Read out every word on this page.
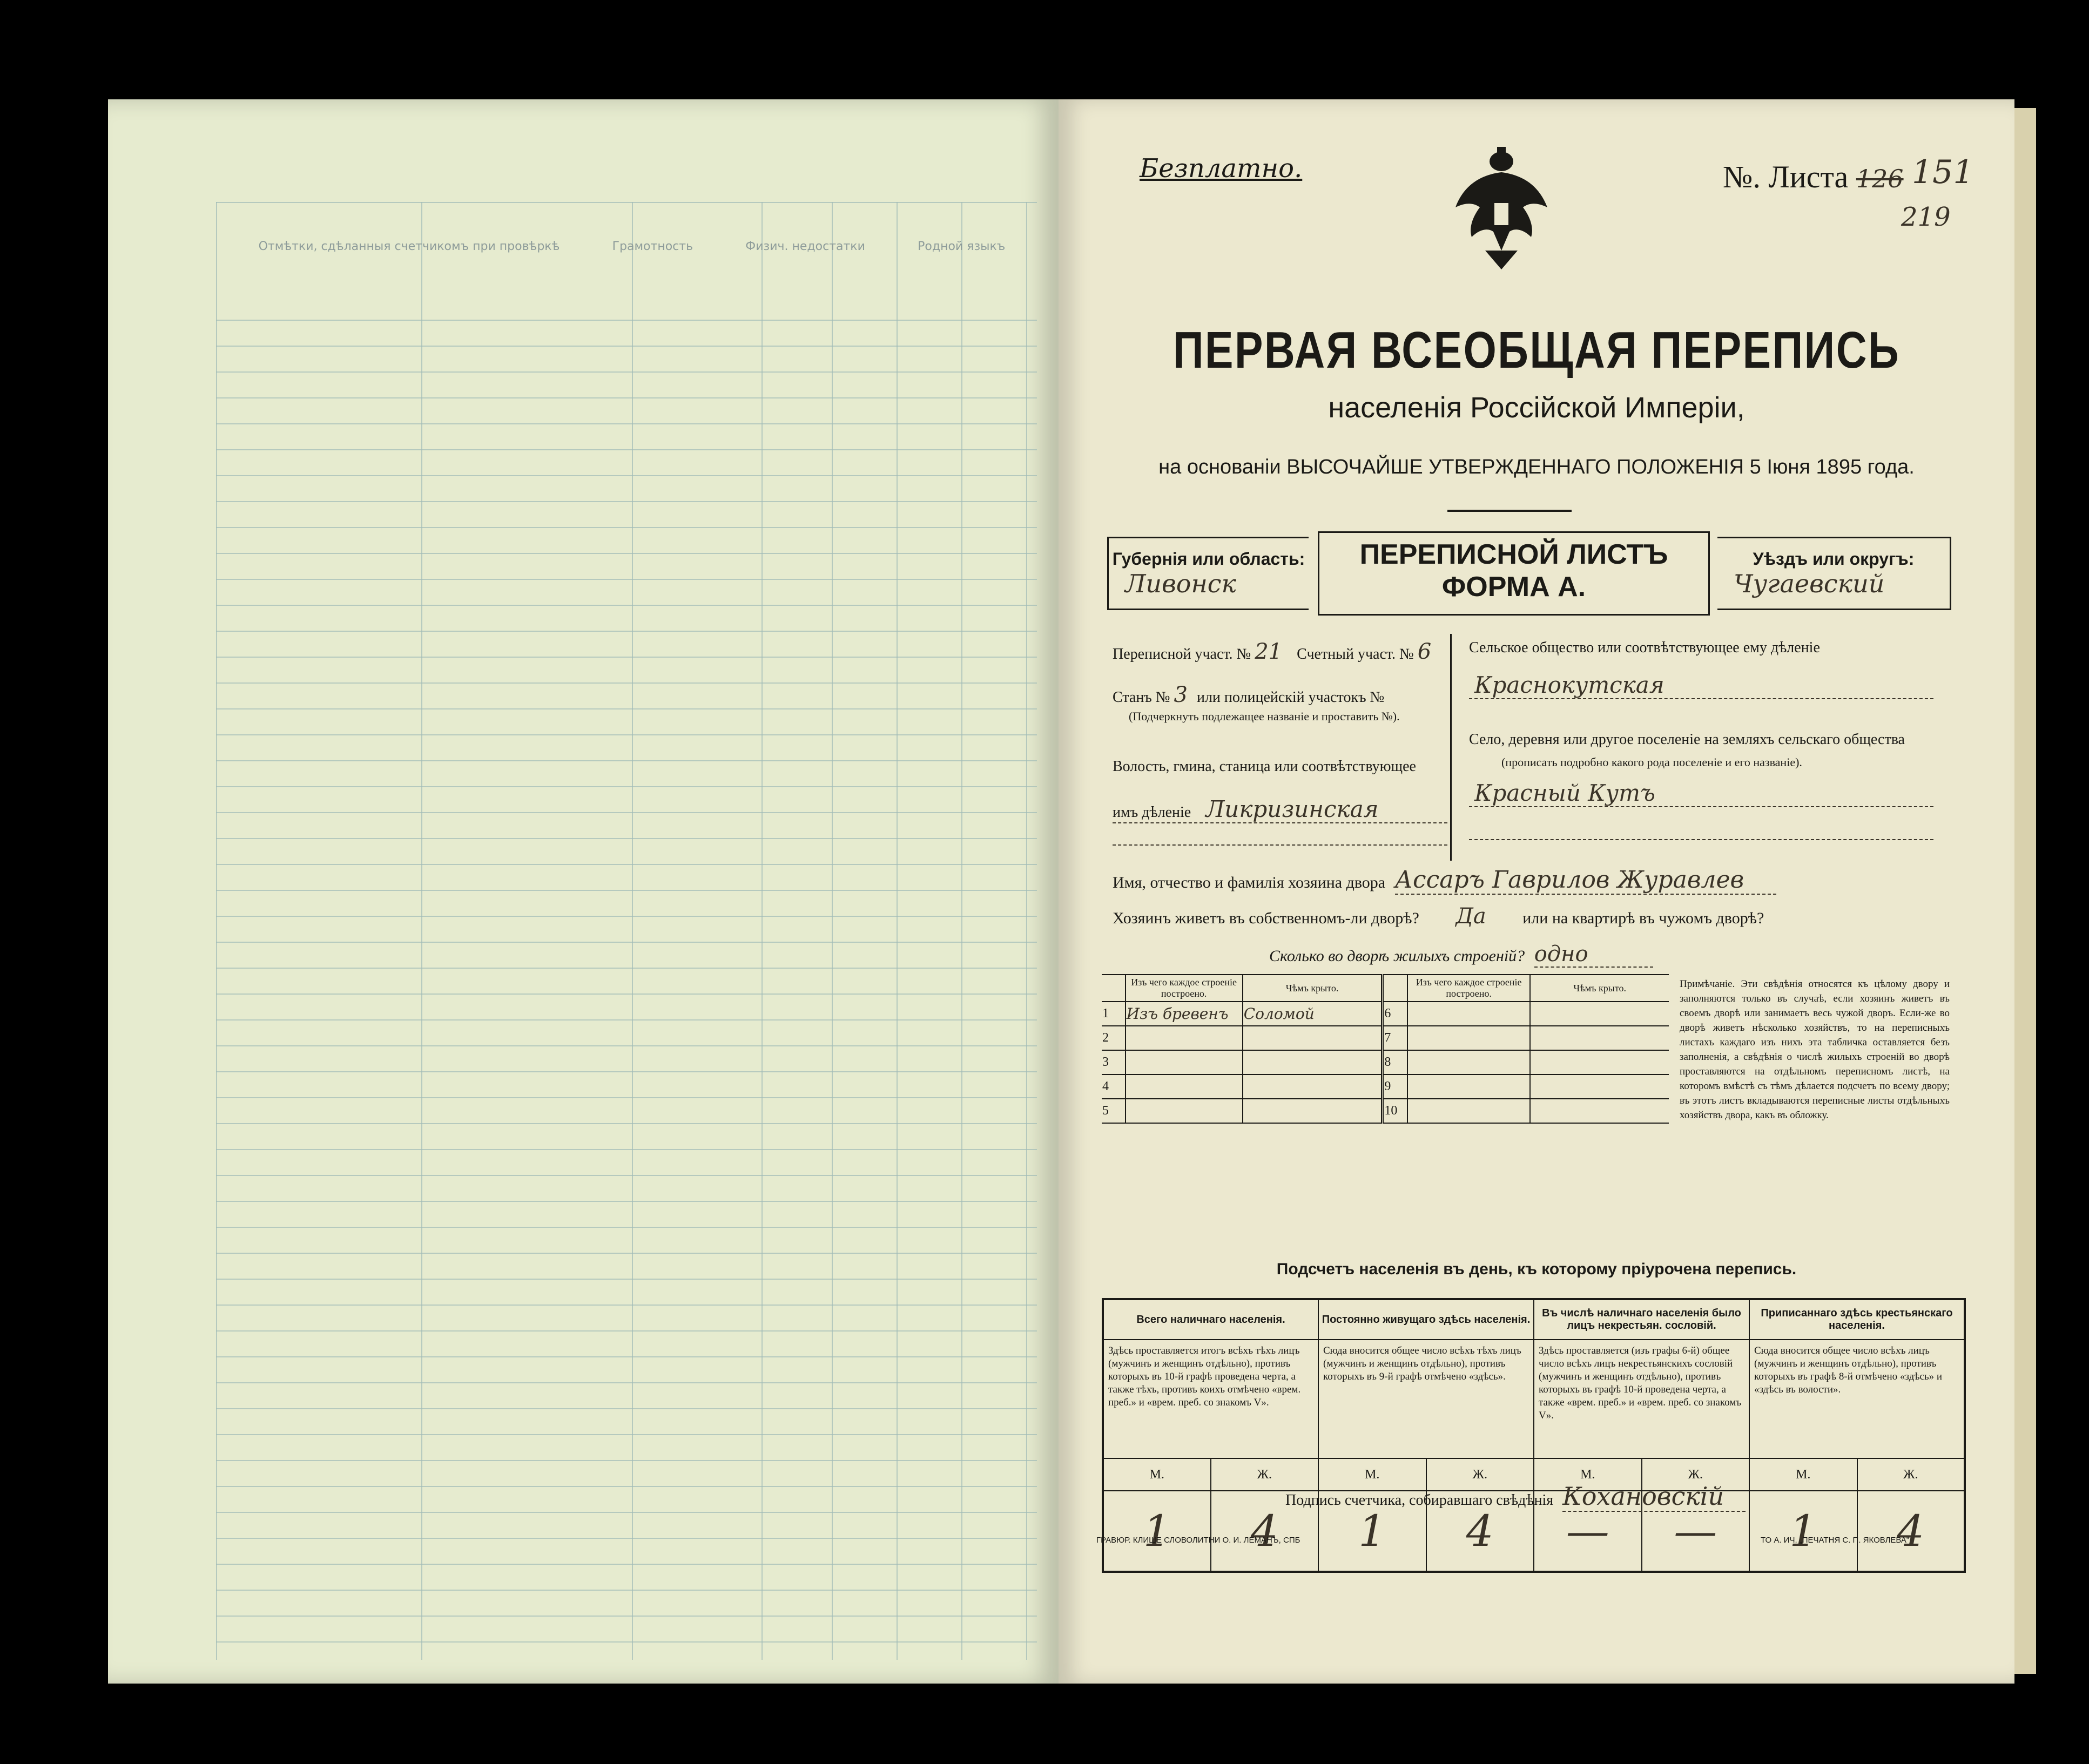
Отмѣтки, сдѣланныя счетчикомъ при провѣркѣ	Грамотность	Физич. недостатки	Родной языкъ
Безплатно.	№. Листа 126
219
151
ПЕРВАЯ ВСЕОБЩАЯ ПЕРЕПИСЬ
населенія Россійской Имперіи,
на основаніи ВЫСОЧАЙШЕ УТВЕРЖДЕННАГО ПОЛОЖЕНІЯ 5 Іюня 1895 года.
Губернія или область:
Ливонск
ПЕРЕПИСНОЙ ЛИСТЪ
ФОРМА А.
Уѣздъ или округъ:
Чугаевский
Переписной участ. № 21 Счетный участ. № 6
Станъ № 3 или полицейскій участокъ №
(Подчеркнуть подлежащее названіе и проставить №).
Волость, гмина, станица или соотвѣтствующее
имъ дѣленіе Ликризинская
Сельское общество или соотвѣтствующее ему дѣленіе
Краснокутская
Село, деревня или другое поселеніе на земляхъ сельскаго общества
(прописать подробно какого рода поселеніе и его названіе).
Красный Кутъ
Имя, отчество и фамилія хозяина двора Ассаръ Гаврилов Журавлев
Хозяинъ живетъ въ собственномъ-ли дворѣ? Да или на квартирѣ въ чужомъ дворѣ?
Сколько во дворѣ жилыхъ строеній? одно
	Изъ чего каждое строеніе построено.	Чѣмъ крыто.		Изъ чего каждое строеніе построено.	Чѣмъ крыто.
1	Изъ бревенъ	Соломой	6		
2			7		
3			8		
4			9		
5			10		
Примѣчаніе. Эти свѣдѣнія относятся къ цѣлому двору и заполняются только въ случаѣ, если хозяинъ живетъ въ своемъ дворѣ или занимаетъ весь чужой дворъ. Если-же во дворѣ живетъ нѣсколько хозяйствъ, то на переписныхъ листахъ каждаго изъ нихъ эта табличка оставляется безъ заполненія, а свѣдѣнія о числѣ жилыхъ строеній во дворѣ проставляются на отдѣльномъ переписномъ листѣ, на которомъ вмѣстѣ съ тѣмъ дѣлается подсчетъ по всему двору; въ этотъ листъ вкладываются переписные листы отдѣльныхъ хозяйствъ двора, какъ въ обложку.
Подсчетъ населенія въ день, къ которому пріурочена перепись.
Всего наличнаго населенія.		Постоянно живущаго здѣсь населенія.		Въ числѣ наличнаго населенія было лицъ некрестьян. сословій.		Приписаннаго здѣсь крестьянскаго населенія.	
Здѣсь проставляется итогъ всѣхъ тѣхъ лицъ (мужчинъ и женщинъ отдѣльно), противъ которыхъ въ 10-й графѣ проведена черта, а также тѣхъ, противъ коихъ отмѣчено «врем. преб.» и «врем. преб. со знакомъ V».		Сюда вносится общее число всѣхъ тѣхъ лицъ (мужчинъ и женщинъ отдѣльно), противъ которыхъ въ 9-й графѣ отмѣчено «здѣсь».		Здѣсь проставляется (изъ графы 6-й) общее число всѣхъ лицъ некрестьянскихъ сословій (мужчинъ и женщинъ отдѣльно), противъ которыхъ въ графѣ 10-й проведена черта, а также «врем. преб.» и «врем. преб. со знакомъ V».		Сюда вносится общее число всѣхъ лицъ (мужчинъ и женщинъ отдѣльно), противъ которыхъ въ графѣ 8-й отмѣчено «здѣсь» и «здѣсь въ волости».	
М.	Ж.	М.	Ж.	М.	Ж.	М.	Ж.
1	4	1	4	—	—	1	4
Подпись счетчика, собиравшаго свѣдѣнія Кохановскій
ГРАВЮР. КЛИШЕ СЛОВОЛИТНИ О. И. ЛЕМАНЪ, СПБ	ТО А. ИЧ. „ПЕЧАТНЯ С. П. ЯКОВЛЕВА"
